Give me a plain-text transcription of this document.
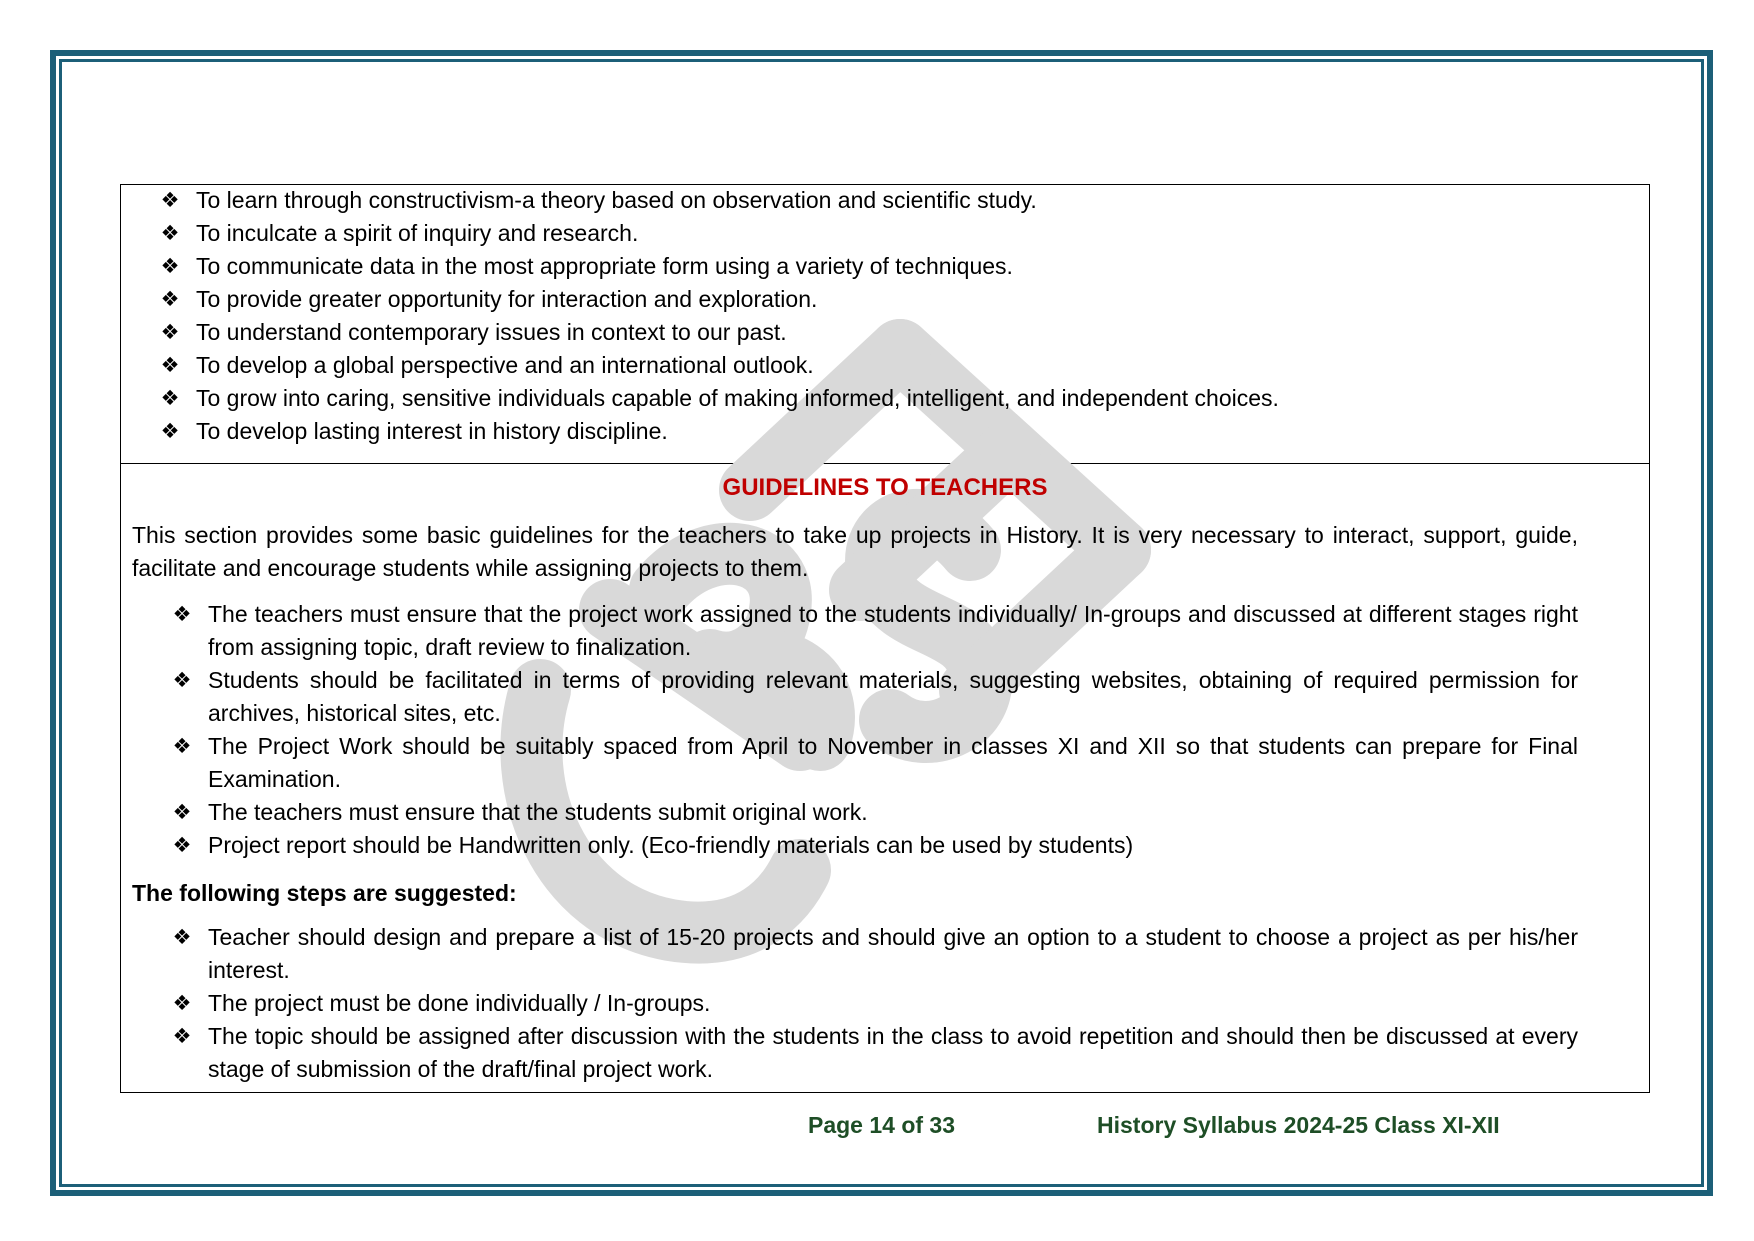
❖ To learn through constructivism-a theory based on observation and scientific study.
❖ To inculcate a spirit of inquiry and research.
❖ To communicate data in the most appropriate form using a variety of techniques.
❖ To provide greater opportunity for interaction and exploration.
❖ To understand contemporary issues in context to our past.
❖ To develop a global perspective and an international outlook.
❖ To grow into caring, sensitive individuals capable of making informed, intelligent, and independent choices.
❖ To develop lasting interest in history discipline.
GUIDELINES TO TEACHERS
This section provides some basic guidelines for the teachers to take up projects in History. It is very necessary to interact, support, guide, facilitate and encourage students while assigning projects to them.
❖ The teachers must ensure that the project work assigned to the students individually/ In-groups and discussed at different stages right from assigning topic, draft review to finalization.
❖ Students should be facilitated in terms of providing relevant materials, suggesting websites, obtaining of required permission for archives, historical sites, etc.
❖ The Project Work should be suitably spaced from April to November in classes XI and XII so that students can prepare for Final Examination.
❖ The teachers must ensure that the students submit original work.
❖ Project report should be Handwritten only. (Eco-friendly materials can be used by students)
The following steps are suggested:
❖ Teacher should design and prepare a list of 15-20 projects and should give an option to a student to choose a project as per his/her interest.
❖ The project must be done individually / In-groups.
❖ The topic should be assigned after discussion with the students in the class to avoid repetition and should then be discussed at every stage of submission of the draft/final project work.
Page 14 of 33	History Syllabus 2024-25 Class XI-XII
